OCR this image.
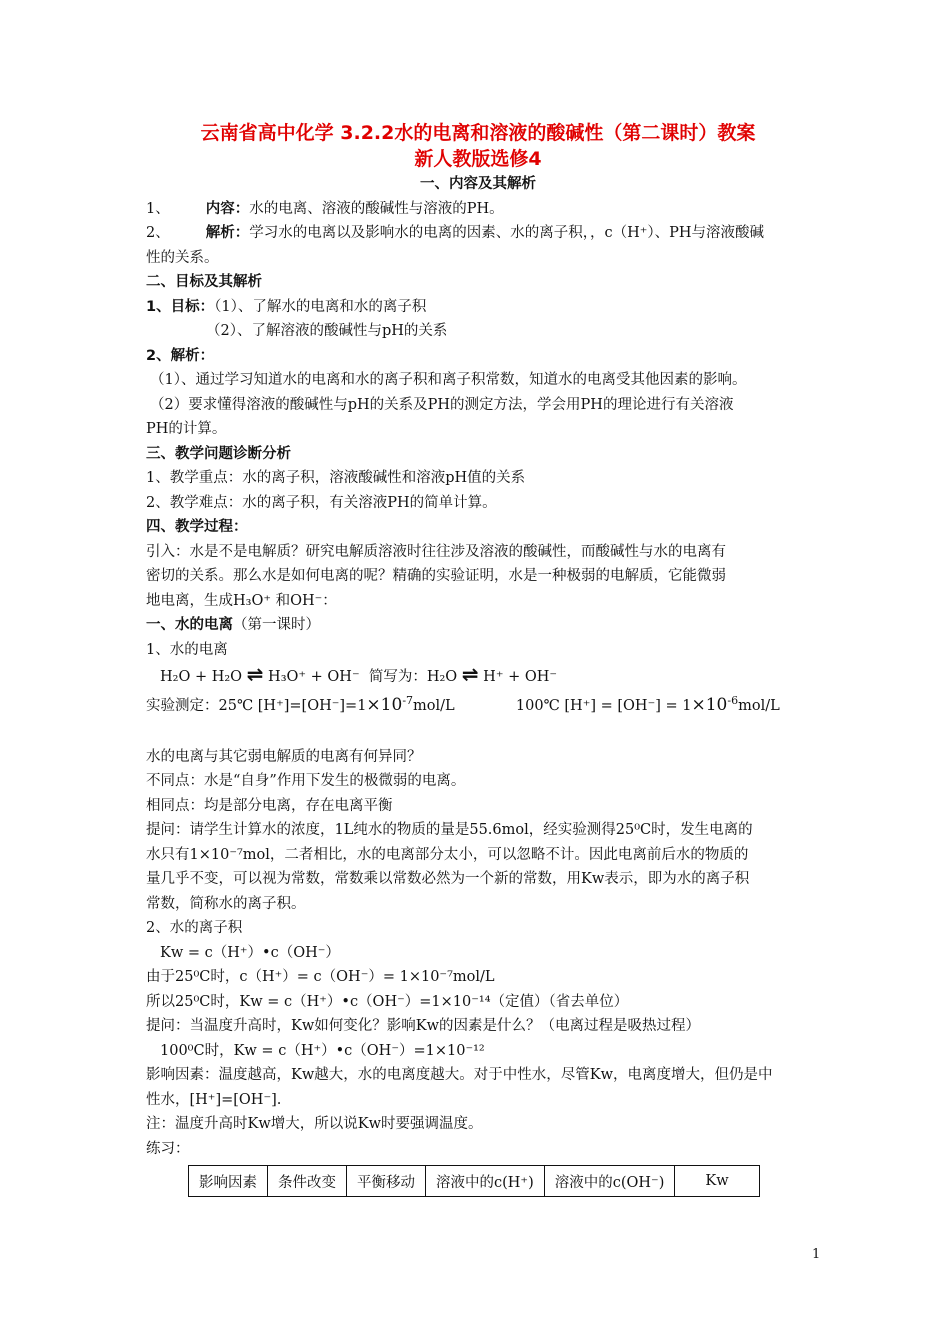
云南省高中化学 3.2.2水的电离和溶液的酸碱性（第二课时）教案

新人教版选修4

一、内容及其解析

1、 内容：水的电离、溶液的酸碱性与溶液的PH。

2、 解析：学习水的电离以及影响水的电离的因素、水的离子积，，c（H⁺）、PH与溶液酸碱

性的关系。

二、目标及其解析

1、目标：（1）、了解水的电离和水的离子积

（2）、了解溶液的酸碱性与pH的关系

2、解析：

（1）、通过学习知道水的电离和水的离子积和离子积常数，知道水的电离受其他因素的影响。

（2）要求懂得溶液的酸碱性与pH的关系及PH的测定方法，学会用PH的理论进行有关溶液

PH的计算。

三、教学问题诊断分析

1、教学重点：水的离子积，溶液酸碱性和溶液pH值的关系

2、教学难点：水的离子积，有关溶液PH的简单计算。

四、教学过程：

引入：水是不是电解质？研究电解质溶液时往往涉及溶液的酸碱性，而酸碱性与水的电离有

密切的关系。那么水是如何电离的呢？精确的实验证明，水是一种极弱的电解质，它能微弱

地电离，生成H₃O⁺ 和OH⁻：

一、水的电离（第一课时）

1、水的电离

H₂O + H₂O ⇌ H₃O⁺ + OH⁻ 简写为：H₂O ⇌ H⁺ + OH⁻

实验测定：25℃ $[H^+]=[OH^-]=1\times 10^{-7}mol/L$	100℃ $[H^+] = [OH^-] = 1\times 10^{-6}mol/L$

水的电离与其它弱电解质的电离有何异同？

不同点：水是“自身”作用下发生的极微弱的电离。

相同点：均是部分电离，存在电离平衡

提问：请学生计算水的浓度，1L纯水的物质的量是55.6mol，经实验测得25⁰C时，发生电离的

水只有1×10⁻⁷mol，二者相比，水的电离部分太小，可以忽略不计。因此电离前后水的物质的

量几乎不变，可以视为常数，常数乘以常数必然为一个新的常数，用Kw表示，即为水的离子积

常数，简称水的离子积。

2、水的离子积

Kw = c（H⁺）•c（OH⁻）

由于25⁰C时，c（H⁺）= c（OH⁻）= 1×10⁻⁷mol/L

所以25⁰C时，Kw = c（H⁺）•c（OH⁻）=1×10⁻¹⁴（定值）（省去单位）

提问：当温度升高时，Kw如何变化？影响Kw的因素是什么？（电离过程是吸热过程）

100⁰C时，Kw = c（H⁺）•c（OH⁻）=1×10⁻¹²

影响因素：温度越高，Kw越大，水的电离度越大。对于中性水，尽管Kw，电离度增大，但仍是中

性水，[H⁺]=[OH⁻].

注：温度升高时Kw增大，所以说Kw时要强调温度。

练习：

影响因素	条件改变	平衡移动	溶液中的c(H⁺)	溶液中的c(OH⁻)	Kw
1
